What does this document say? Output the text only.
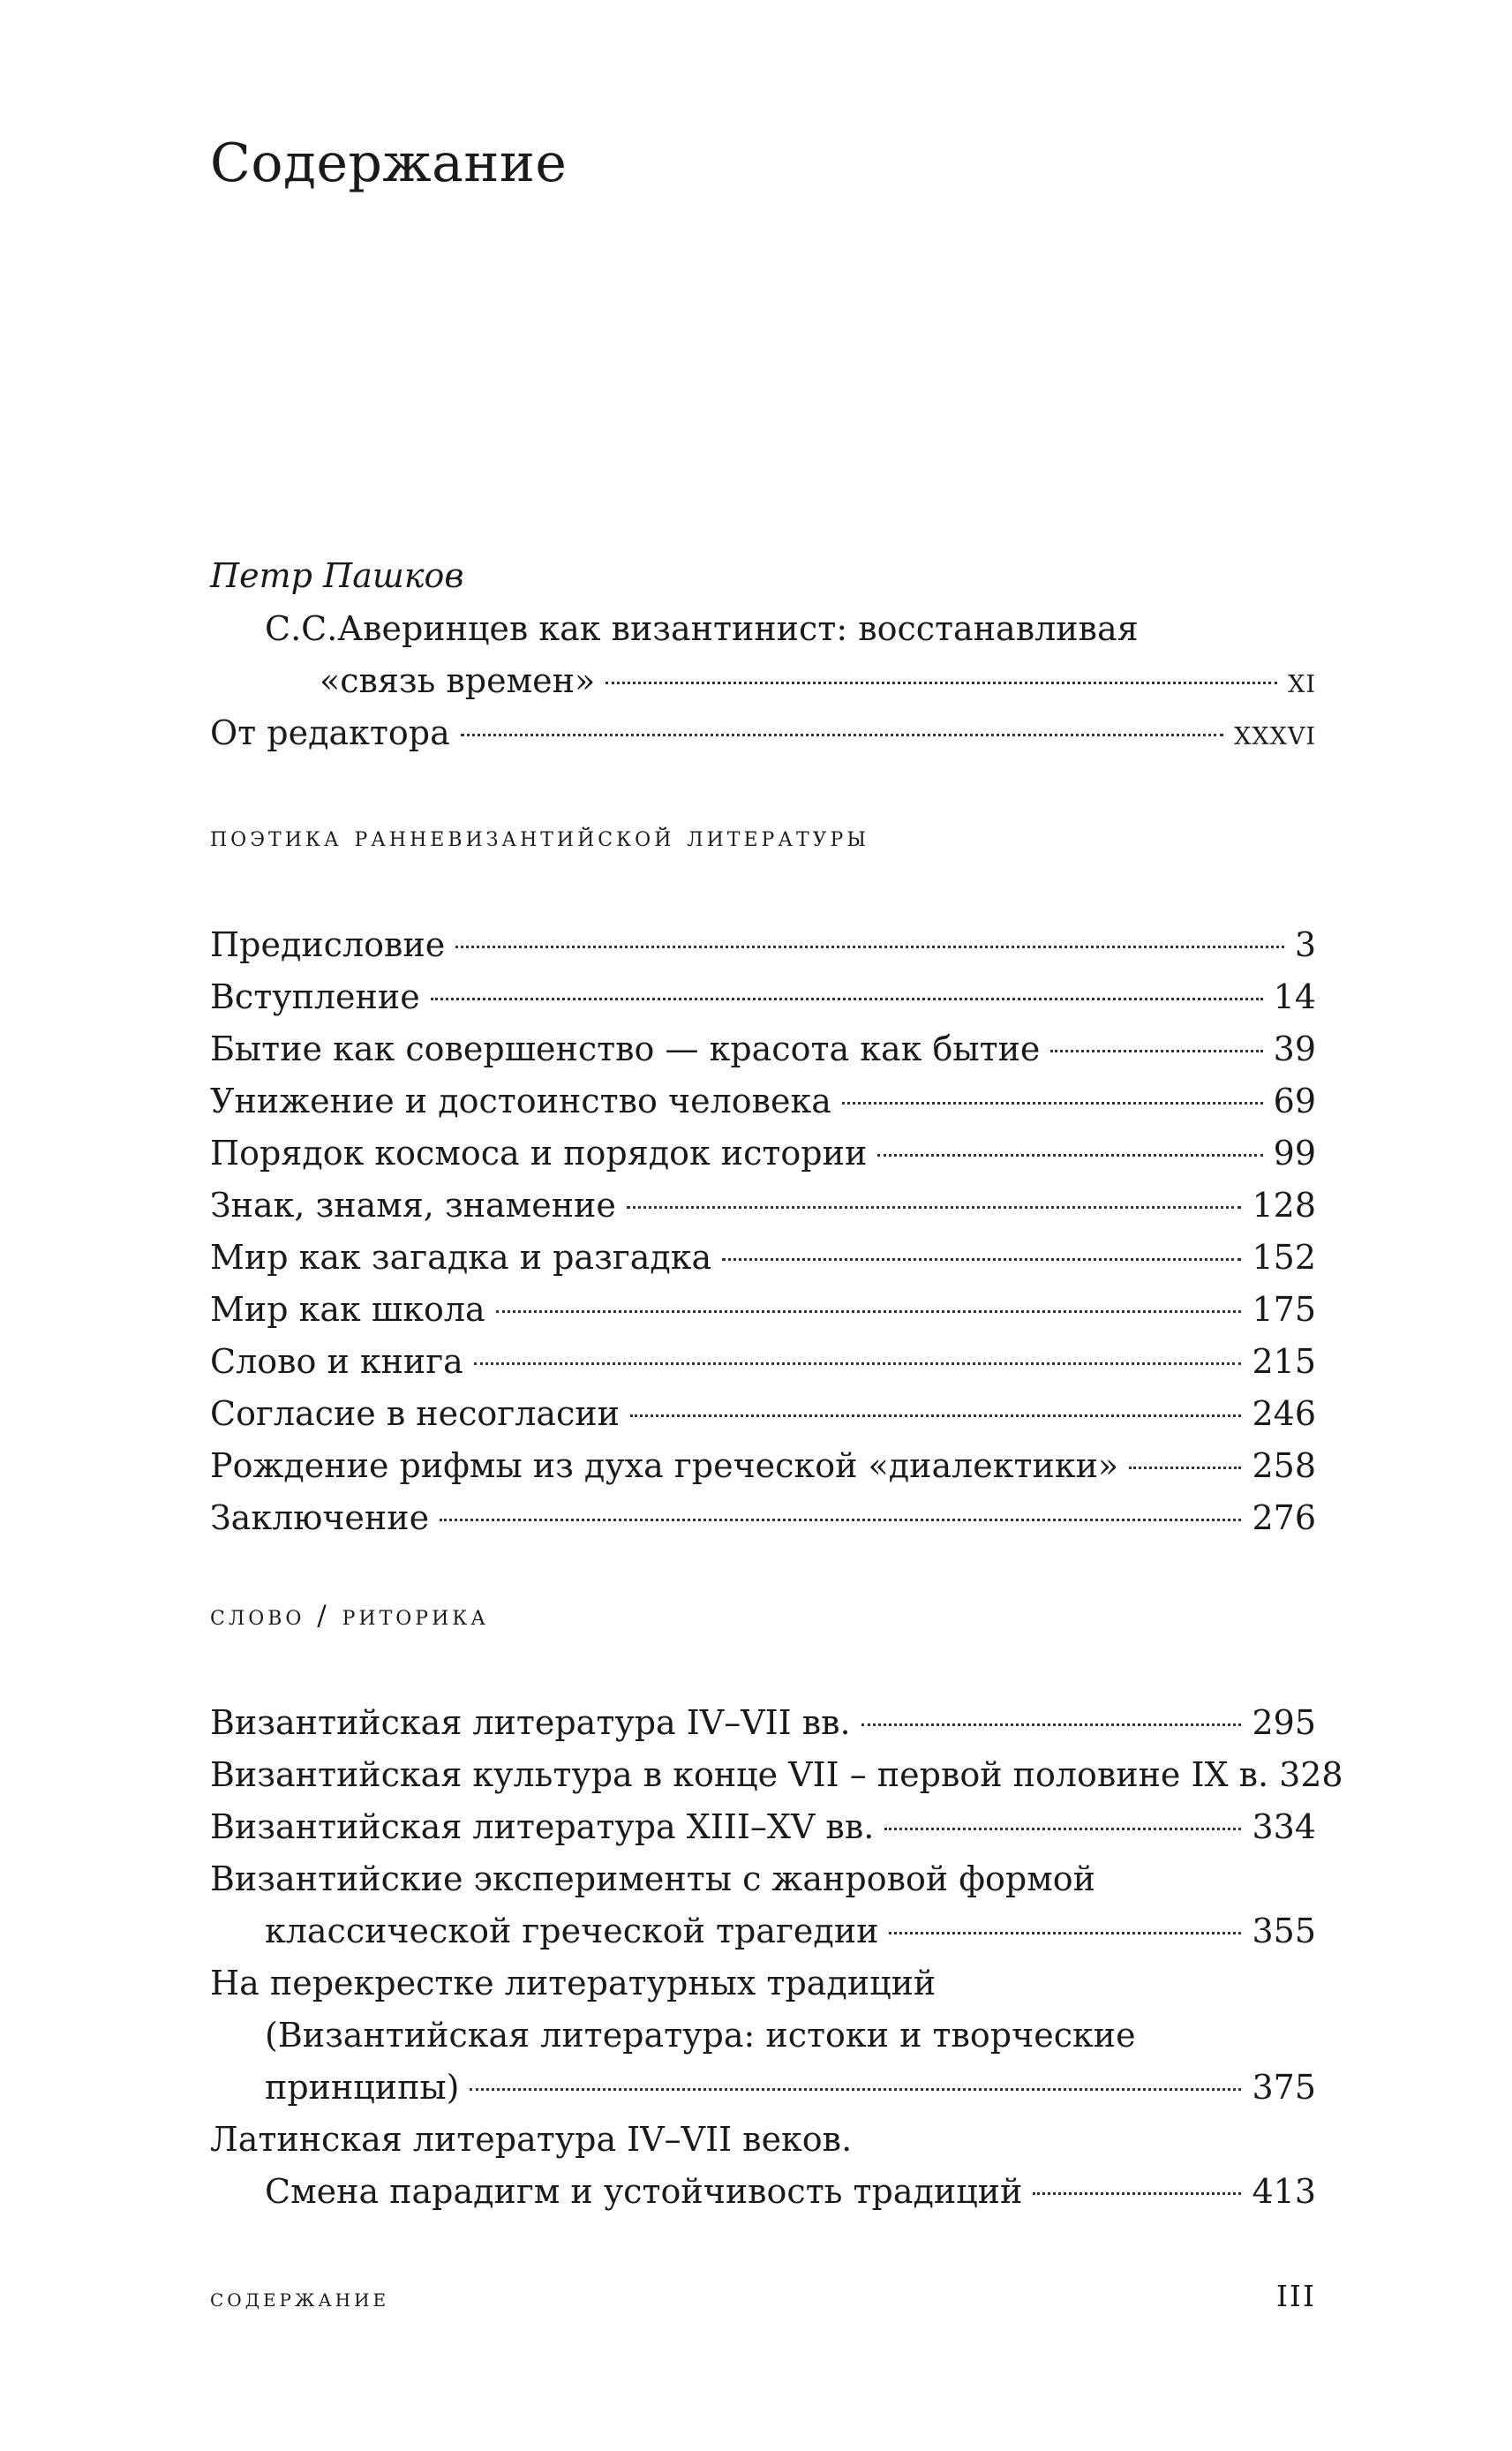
Содержание
Петр Пашков
С.С.Аверинцев как византинист: восстанавливая
«связь времен»	xi
От редактора	xxxvi
поэтика ранневизантийской литературы
Предисловие	3
Вступление	14
Бытие как совершенство — красота как бытие	39
Унижение и достоинство человека	69
Порядок космоса и порядок истории	99
Знак, знамя, знамение	128
Мир как загадка и разгадка	152
Мир как школа	175
Слово и книга	215
Согласие в несогласии	246
Рождение рифмы из духа греческой «диалектики»	258
Заключение	276
слово / риторика
Византийская литература IV–VII вв.	295
Византийская культура в конце VII – первой половине IX в. 328
Византийская литература XIII–XV вв.	334
Византийские эксперименты с жанровой формой
классической греческой трагедии	355
На перекрестке литературных традиций
(Византийская литература: истоки и творческие
принципы)	375
Латинская литература IV–VII веков.
Смена парадигм и устойчивость традиций	413
содержание	III
